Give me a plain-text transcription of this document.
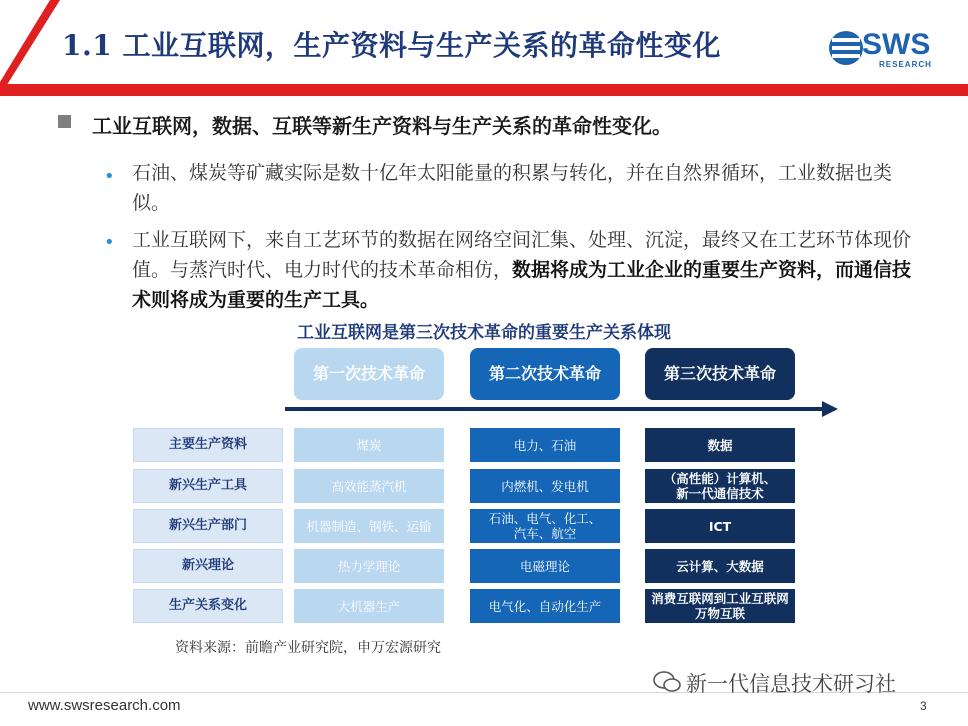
1.1 工业互联网，生产资料与生产关系的革命性变化	SWS
RESEARCH
工业互联网，数据、互联等新生产资料与生产关系的革命性变化。
• 石油、煤炭等矿藏实际是数十亿年太阳能量的积累与转化，并在自然界循环，工业数据也类似。
• 工业互联网下，来自工艺环节的数据在网络空间汇集、处理、沉淀，最终又在工艺环节体现价值。与蒸汽时代、电力时代的技术革命相仿，数据将成为工业企业的重要生产资料，而通信技术则将成为重要的生产工具。
工业互联网是第三次技术革命的重要生产关系体现
第一次技术革命	第二次技术革命	第三次技术革命
主要生产资料	煤炭	电力、石油	数据
新兴生产工具	高效能蒸汽机	内燃机、发电机	（高性能）计算机、
新一代通信技术
新兴生产部门	机器制造、钢铁、运输	石油、电气、化工、
汽车、航空	ICT
新兴理论	热力学理论	电磁理论	云计算、大数据
生产关系变化	大机器生产	电气化、自动化生产	消费互联网到工业互联网
万物互联
资料来源：前瞻产业研究院，申万宏源研究
新一代信息技术研习社
www.swsresearch.com	3
